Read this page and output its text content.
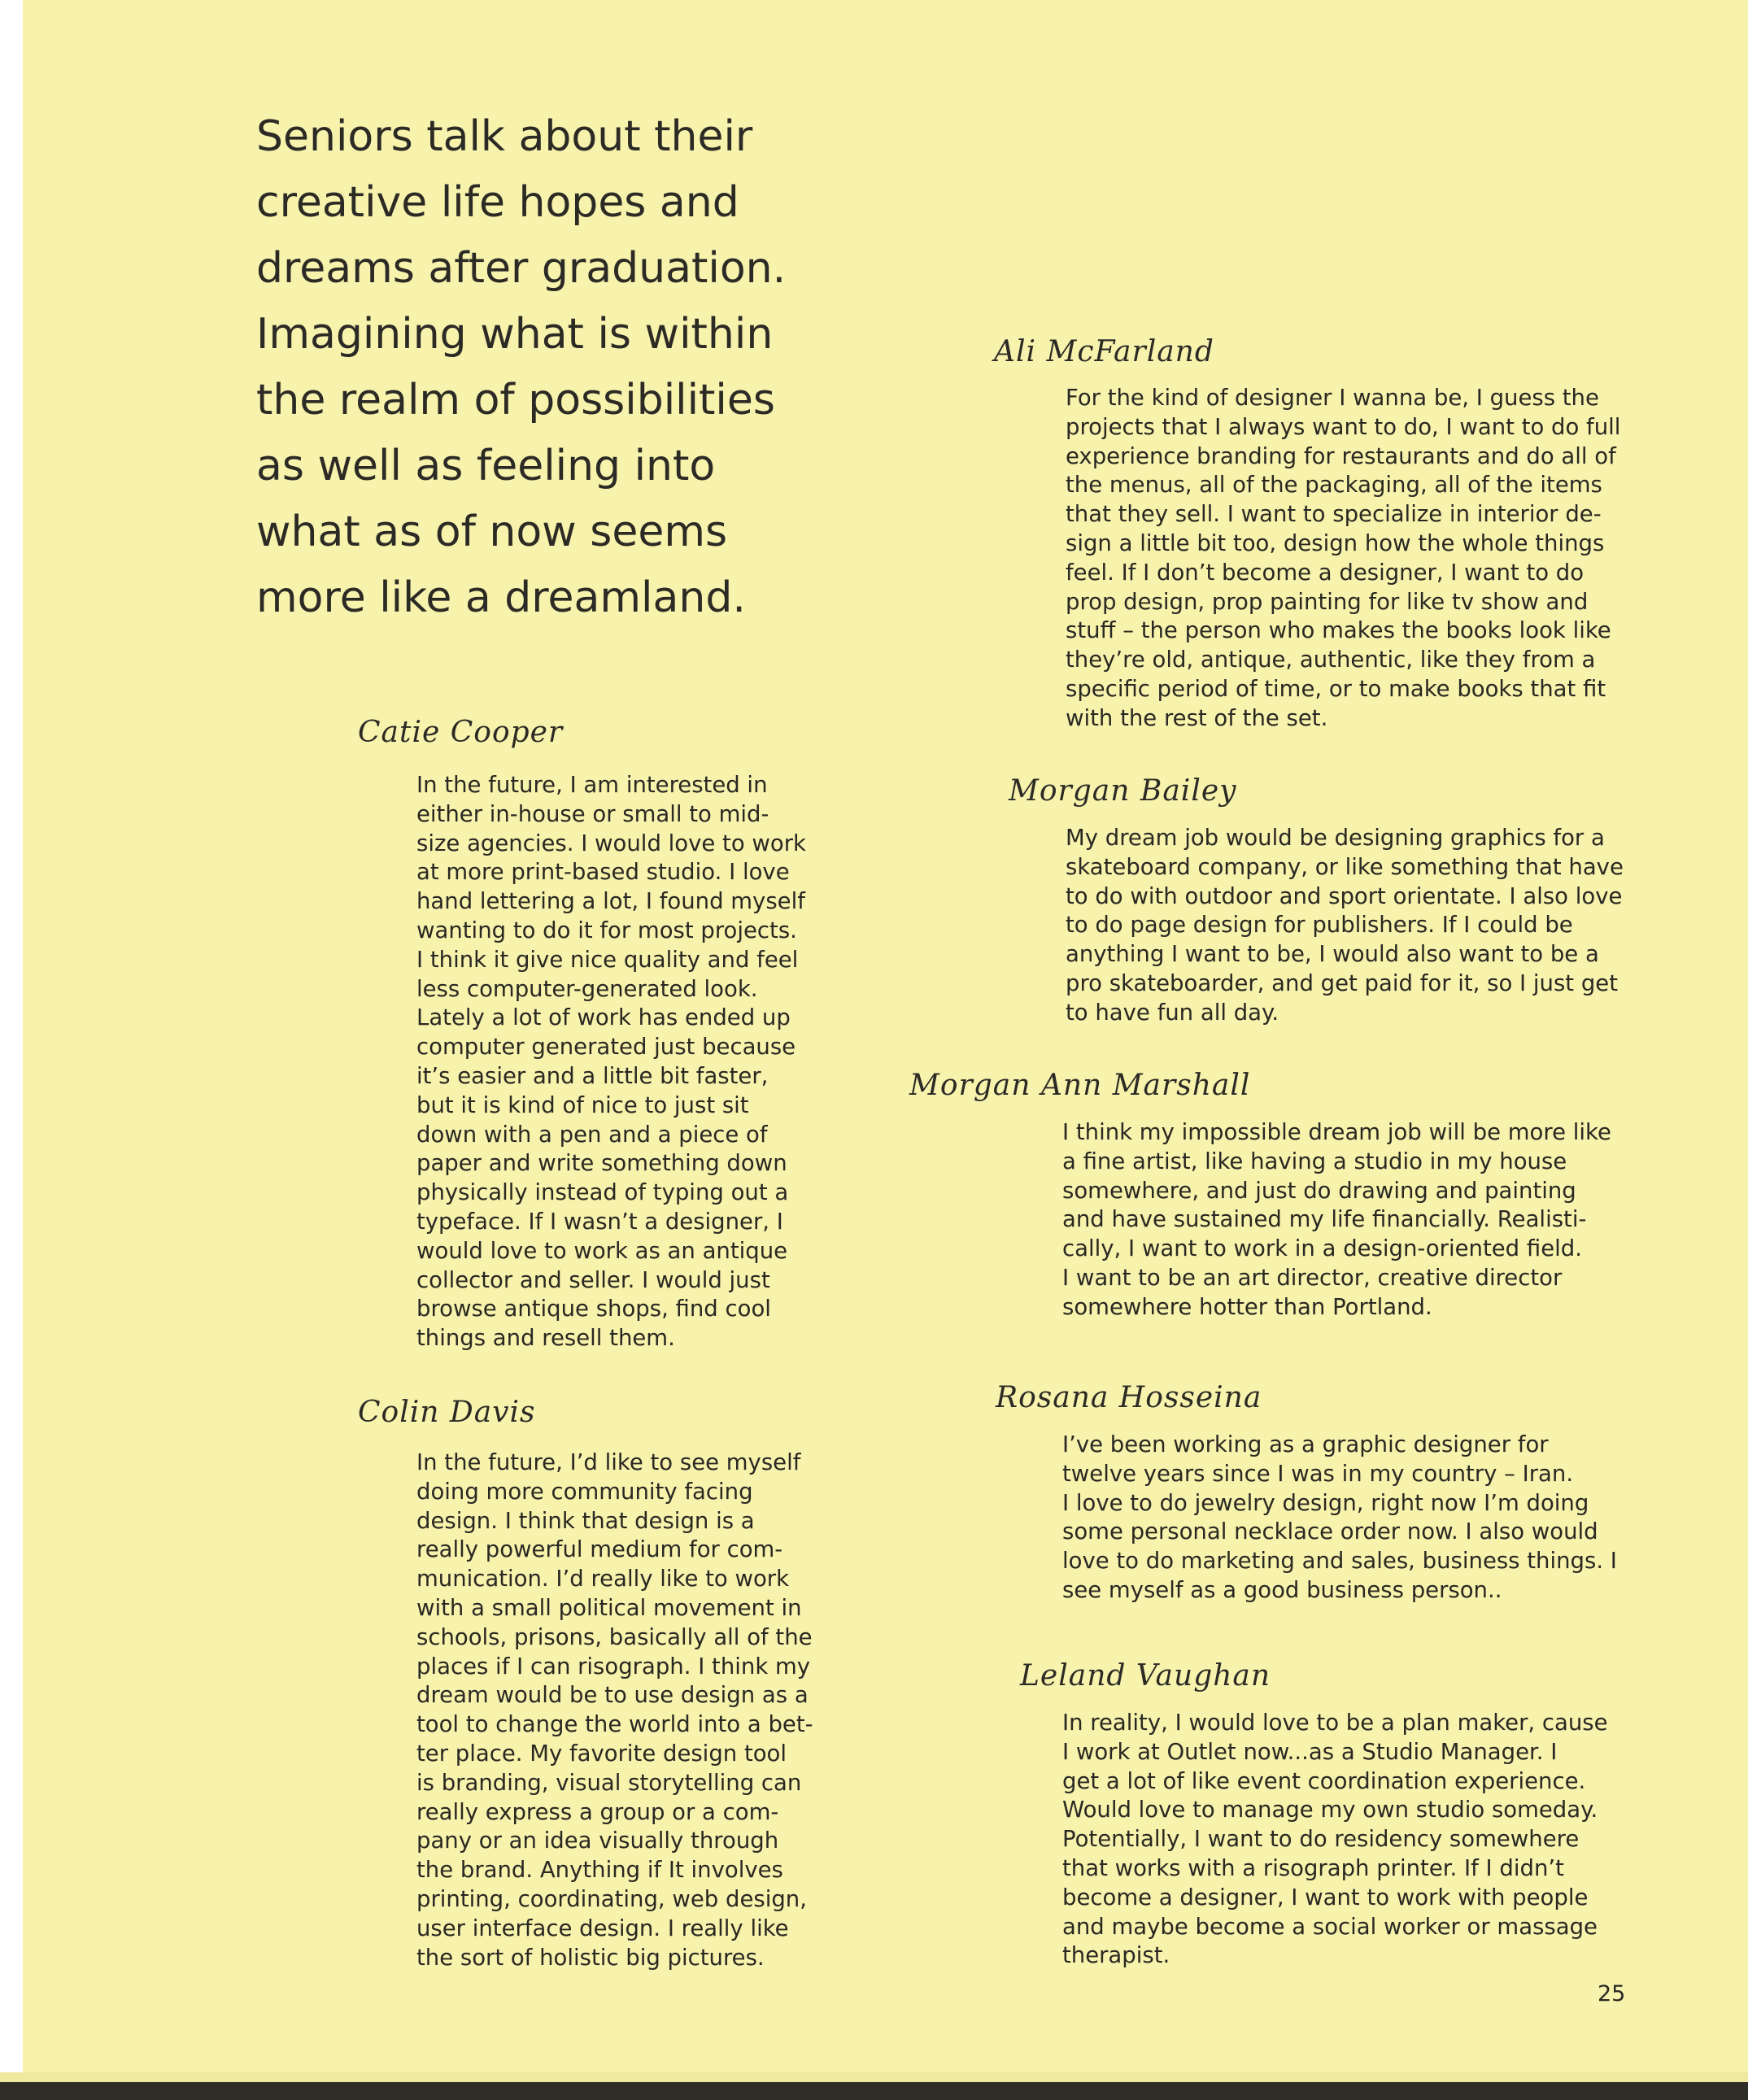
Seniors talk about their
creative life hopes and
dreams after graduation.
Imagining what is within
the realm of possibilities
as well as feeling into
what as of now seems
more like a dreamland.
Catie Cooper

In the future, I am interested in
either in-house or small to mid-
size agencies. I would love to work
at more print-based studio. I love
hand lettering a lot, I found myself
wanting to do it for most projects.
I think it give nice quality and feel
less computer-generated look.
Lately a lot of work has ended up
computer generated just because
it’s easier and a little bit faster,
but it is kind of nice to just sit
down with a pen and a piece of
paper and write something down
physically instead of typing out a
typeface. If I wasn’t a designer, I
would love to work as an antique
collector and seller. I would just
browse antique shops, find cool
things and resell them.

Colin Davis

In the future, I’d like to see myself
doing more community facing
design. I think that design is a
really powerful medium for com-
munication. I’d really like to work
with a small political movement in
schools, prisons, basically all of the
places if I can risograph. I think my
dream would be to use design as a
tool to change the world into a bet-
ter place. My favorite design tool
is branding, visual storytelling can
really express a group or a com-
pany or an idea visually through
the brand. Anything if It involves
printing, coordinating, web design,
user interface design. I really like
the sort of holistic big pictures.

Ali McFarland

For the kind of designer I wanna be, I guess the
projects that I always want to do, I want to do full
experience branding for restaurants and do all of
the menus, all of the packaging, all of the items
that they sell. I want to specialize in interior de-
sign a little bit too, design how the whole things
feel. If I don’t become a designer, I want to do
prop design, prop painting for like tv show and
stuff – the person who makes the books look like
they’re old, antique, authentic, like they from a
specific period of time, or to make books that fit
with the rest of the set.

Morgan Bailey

My dream job would be designing graphics for a
skateboard company, or like something that have
to do with outdoor and sport orientate. I also love
to do page design for publishers. If I could be
anything I want to be, I would also want to be a
pro skateboarder, and get paid for it, so I just get
to have fun all day.

Morgan Ann Marshall

I think my impossible dream job will be more like
a fine artist, like having a studio in my house
somewhere, and just do drawing and painting
and have sustained my life financially. Realisti-
cally, I want to work in a design-oriented field.
I want to be an art director, creative director
somewhere hotter than Portland.

Rosana Hosseina

I’ve been working as a graphic designer for
twelve years since I was in my country – Iran.
I love to do jewelry design, right now I’m doing
some personal necklace order now. I also would
love to do marketing and sales, business things. I
see myself as a good business person..

Leland Vaughan

In reality, I would love to be a plan maker, cause
I work at Outlet now...as a Studio Manager. I
get a lot of like event coordination experience.
Would love to manage my own studio someday.
Potentially, I want to do residency somewhere
that works with a risograph printer. If I didn’t
become a designer, I want to work with people
and maybe become a social worker or massage
therapist.

25
